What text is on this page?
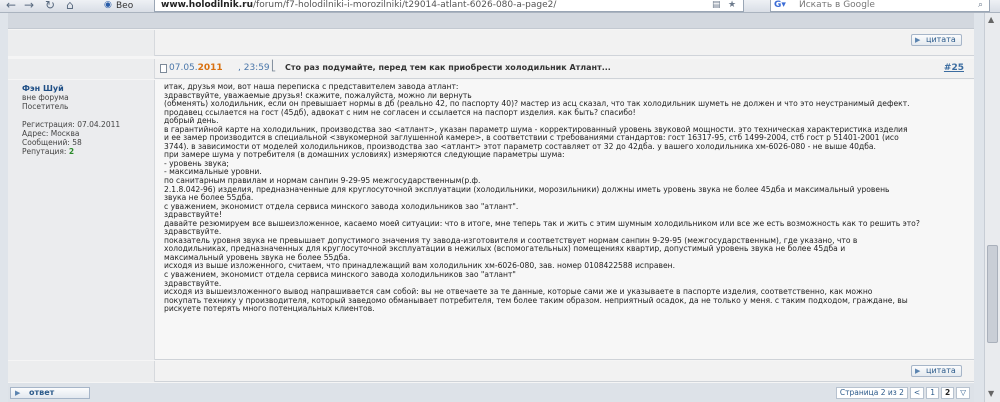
← → ↻ ⌂	◉ Вео	www.holodilnik.ru/forum/f7-holodilniki-i-morozilniki/t29014-atlant-6026-080-a-page2/	▤ ★	Искать в Google
G▾	⌕
▶ цитата
07.05.2011 , 23:59 ⎣	Сто раз подумайте, перед тем как приобрести холодильник Атлант...	#25
Фэн Шуй
вне форума
Посетитель
Регистрация: 07.04.2011
Адрес: Москва
Сообщений: 58
Репутация: 2
итак, друзья мои, вот наша переписка с представителем завода атлант:
здравствуйте, уважаемые друзья! скажите, пожалуйста, можно ли вернуть
(обменять) холодильник, если он превышает нормы в дб (реально 42, по паспорту 40)? мастер из асц сказал, что так холодильник шуметь не должен и что это неустранимый дефект.
продавец ссылается на гост (45дб), адвокат с ним не согласен и ссылается на паспорт изделия. как быть? спасибо!
добрый день.
в гарантийной карте на холодильник, производства зао <атлант>, указан параметр шума - корректированный уровень звуковой мощности. это техническая характеристика изделия
и ее замер производится в специальной <звукомерной заглушенной камере>, в соответствии с требованиями стандартов: гост 16317-95, стб 1499-2004, стб гост р 51401-2001 (исо
3744). в зависимости от моделей холодильников, производства зао <атлант> этот параметр составляет от 32 до 42дба. у вашего холодильника хм-6026-080 - не выше 40дба.
при замере шума у потребителя (в домашних условиях) измеряются следующие параметры шума:
- уровень звука;
- максимальные уровни.
по санитарным правилам и нормам санпин 9-29-95 межгосударственным(р.ф.
2.1.8.042-96) изделия, предназначенные для круглосуточной эксплуатации (холодильники, морозильники) должны иметь уровень звука не более 45дба и максимальный уровень
звука не более 55дба.
с уважением, экономист отдела сервиса минского завода холодильников зао "атлант".
здравствуйте!
давайте резюмируем все вышеизложенное, касаемо моей ситуации: что в итоге, мне теперь так и жить с этим шумным холодильником или все же есть возможность как то решить это?
здравствуйте.
показатель уровня звука не превышает допустимого значения ту завода-изготовителя и соответствует нормам санпин 9-29-95 (межгосударственным), где указано, что в
холодильниках, предназначенных для круглосуточной эксплуатации в нежилых (вспомогательных) помещениях квартир, допустимый уровень звука не более 45дба и
максимальный уровень звука не более 55дба.
исходя из выше изложенного, считаем, что принадлежащий вам холодильник хм-6026-080, зав. номер 0108422588 исправен.
с уважением, экономист отдела сервиса минского завода холодильников зао "атлант"
здравствуйте.
исходя из вышеизложенного вывод напрашивается сам собой: вы не отвечаете за те данные, которые сами же и указываете в паспорте изделия, соответственно, как можно
покупать технику у производителя, который заведомо обманывает потребителя, тем более таким образом. неприятный осадок, да не только у меня. с таким подходом, граждане, вы
рискуете потерять много потенциальных клиентов.
▶ цитата
▶ ответ	Страница 2 из 2	<	1	2	▽
▲
▼
